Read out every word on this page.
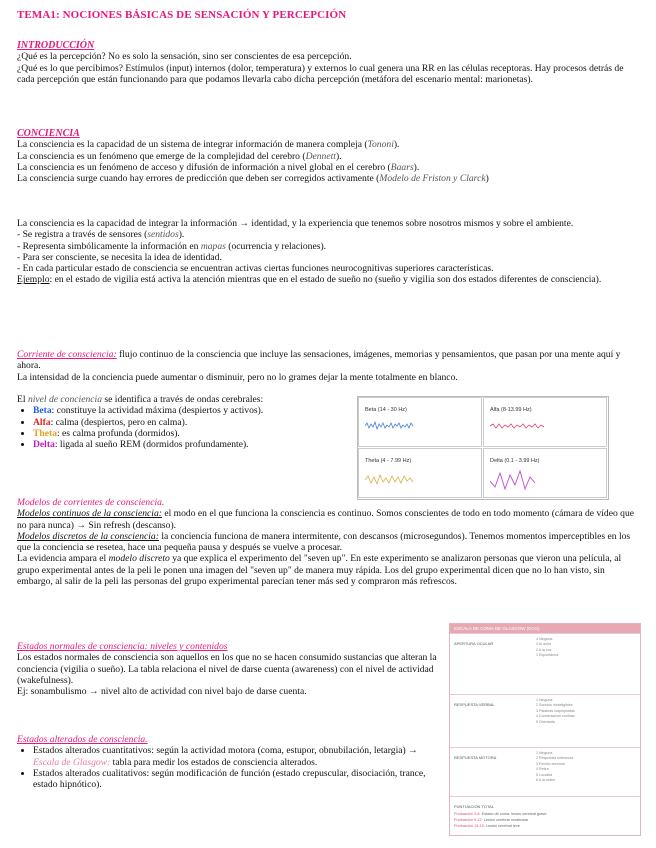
TEMA1: NOCIONES BÁSICAS DE SENSACIÓN Y PERCEPCIÓN

INTRODUCCIÓN

¿Qué es la percepción? No es solo la sensación, sino ser conscientes de esa percepción.

¿Qué es lo que percibimos? Estímulos (input) internos (dolor, temperatura) y externos lo cual genera una RR en las células receptoras. Hay procesos detrás de cada percepción que están funcionando para que podamos llevarla cabo dicha percepción (metáfora del escenario mental: marionetas).

CONCIENCIA

La consciencia es la capacidad de un sistema de integrar información de manera compleja (Tononi).

La consciencia es un fenómeno que emerge de la complejidad del cerebro (Dennett).

La consciencia es un fenómeno de acceso y difusión de información a nivel global en el cerebro (Baars).

La consciencia surge cuando hay errores de predicción que deben ser corregidos activamente (Modelo de Friston y Clarck)

La consciencia es la capacidad de integrar la información → identidad, y la experiencia que tenemos sobre nosotros mismos y sobre el ambiente.

- Se registra a través de sensores (sentidos).

- Representa simbólicamente la información en mapas (ocurrencia y relaciones).

- Para ser consciente, se necesita la idea de identidad.

- En cada particular estado de consciencia se encuentran activas ciertas funciones neurocognitivas superiores características.

Ejemplo: en el estado de vigilia está activa la atención mientras que en el estado de sueño no (sueño y vigilia son dos estados diferentes de consciencia).

Corriente de consciencia: flujo continuo de la consciencia que incluye las sensaciones, imágenes, memorias y pensamientos, que pasan por una mente aquí y ahora.

La intensidad de la conciencia puede aumentar o disminuir, pero no lo grames dejar la mente totalmente en blanco.

El nivel de conciencia se identifica a través de ondas cerebrales:

• Beta: constituye la actividad máxima (despiertos y activos).
• Alfa: calma (despiertos, pero en calma).
• Theta: es calma profunda (dormidos).
• Delta: ligada al sueño REM (dormidos profundamente).
Beta (14 - 30 Hz)	Alfa (8-13.99 Hz)
Theta (4 - 7.99 Hz)	Delta (0.1 - 3.99 Hz)

Modelos de corrientes de consciencia.

Modelos continuos de la consciencia: el modo en el que funciona la consciencia es continuo. Somos conscientes de todo en todo momento (cámara de vídeo que no para nunca) → Sin refresh (descanso).

Modelos discretos de la consciencia: la conciencia funciona de manera intermitente, con descansos (microsegundos). Tenemos momentos imperceptibles en los que la conciencia se resetea, hace una pequeña pausa y después se vuelve a procesar.

La evidencia ampara el modelo discreto ya que explica el experimento del "seven up". En este experimento se analizaron personas que vieron una película, al grupo experimental antes de la peli le ponen una imagen del "seven up" de manera muy rápida. Los del grupo experimental dicen que no lo han visto, sin embargo, al salir de la peli las personas del grupo experimental parecían tener más sed y compraron más refrescos.

Estados normales de consciencia: niveles y contenidos

Los estados normales de consciencia son aquellos en los que no se hacen consumido sustancias que alteran la conciencia (vigilia o sueño). La tabla relaciona el nivel de darse cuenta (awareness) con el nivel de actividad (wakefulness).

Ej: sonambulismo → nivel alto de actividad con nivel bajo de darse cuenta.

Estados alterados de consciencia.

• Estados alterados cuantitativos: según la actividad motora (coma, estupor, obnubilación, letargia) → Escala de Glasgow: tabla para medir los estados de consciencia alterados.
• Estados alterados cualitativos: según modificación de función (estado crepuscular, disociación, trance, estado hipnótico).
ESCALA DE COMA DE GLASGOW (ECG)
APERTURA OCULAR
4 Ninguna
3 Al dolor
2 A la voz
1 Espontánea
RESPUESTA VERBAL
1 Ninguna
2 Sonidos ininteligibles
3 Palabras inapropiadas
4 Conversación confusa
5 Orientada
RESPUESTA MOTORA
1 Ninguna
2 Respuesta extensora
3 Flexión anormal
4 Retira
5 Localiza
6 A la orden
PUNTUACIÓN TOTAL
Puntuación 3-8: Estado de coma, lesión cerebral grave
Puntuación 9-12: Lesión cerebral moderada
Puntuación 13-15: Lesión cerebral leve
